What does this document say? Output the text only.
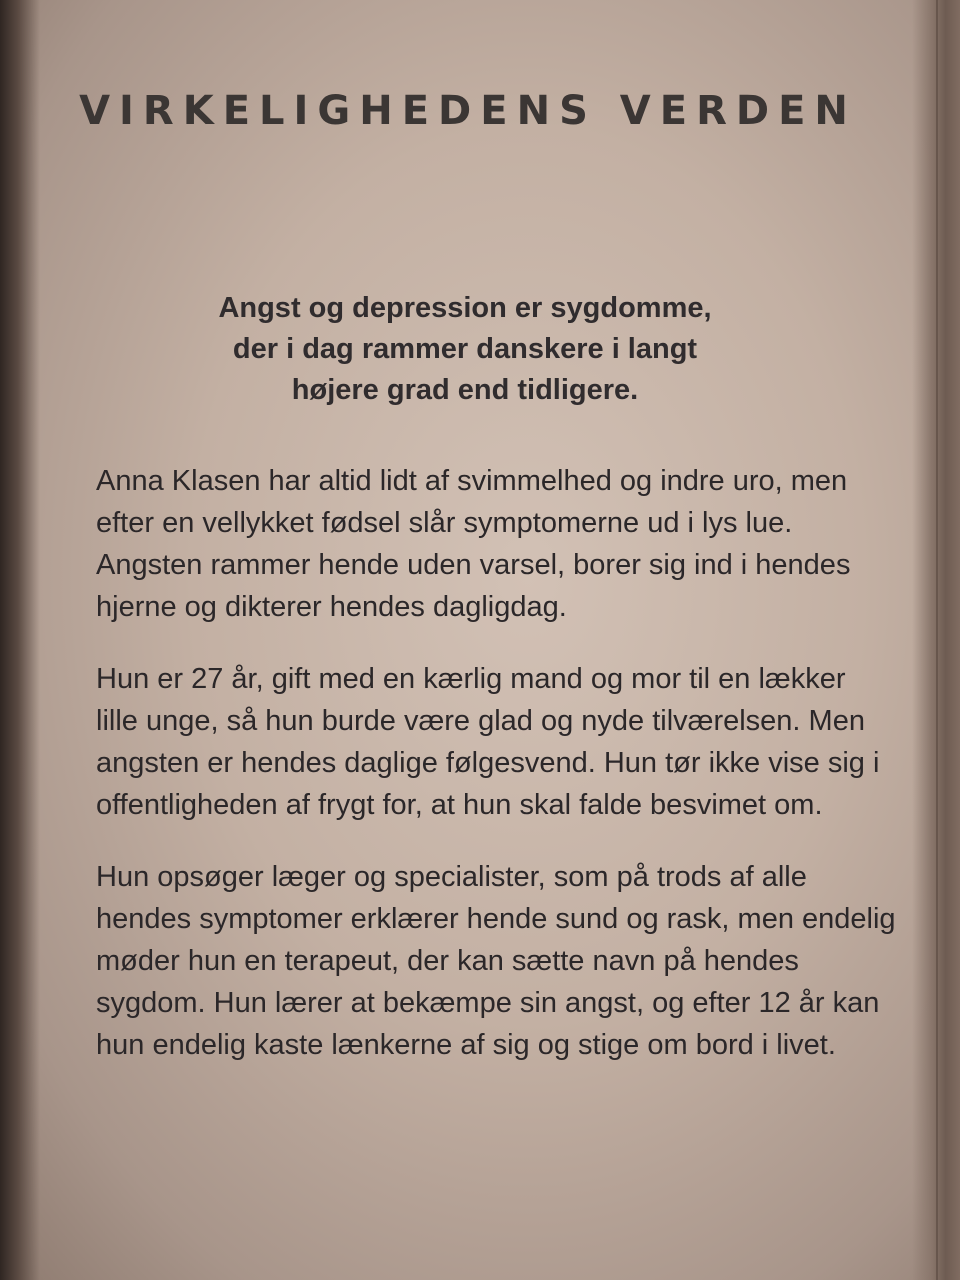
VIRKELIGHEDENS VERDEN
Angst og depression er sygdomme,
der i dag rammer danskere i langt
højere grad end tidligere.

Anna Klasen har altid lidt af svimmelhed og indre uro, men
efter en vellykket fødsel slår symptomerne ud i lys lue.
Angsten rammer hende uden varsel, borer sig ind i hendes
hjerne og dikterer hendes dagligdag.

Hun er 27 år, gift med en kærlig mand og mor til en lækker
lille unge, så hun burde være glad og nyde tilværelsen. Men
angsten er hendes daglige følgesvend. Hun tør ikke vise sig i
offentligheden af frygt for, at hun skal falde besvimet om.

Hun opsøger læger og specialister, som på trods af alle
hendes symptomer erklærer hende sund og rask, men endelig
møder hun en terapeut, der kan sætte navn på hendes
sygdom. Hun lærer at bekæmpe sin angst, og efter 12 år kan
hun endelig kaste lænkerne af sig og stige om bord i livet.
